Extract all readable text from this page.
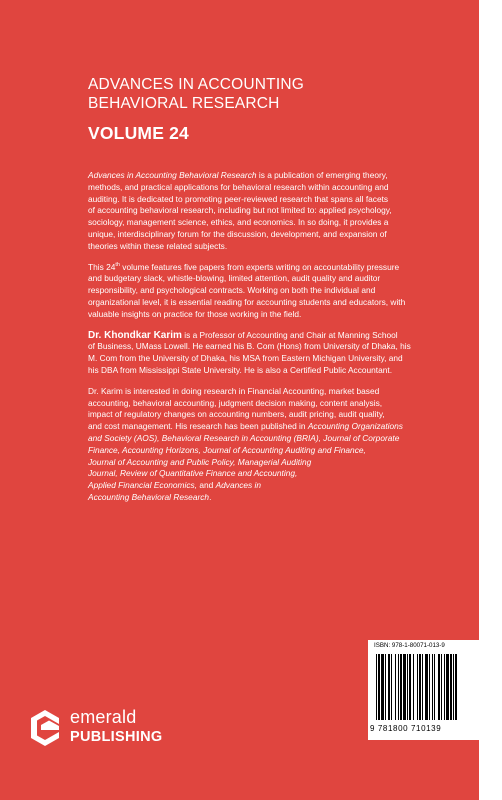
ADVANCES IN ACCOUNTING
BEHAVIORAL RESEARCH
VOLUME 24

Advances in Accounting Behavioral Research is a publication of emerging theory,
methods, and practical applications for behavioral research within accounting and
auditing. It is dedicated to promoting peer-reviewed research that spans all facets
of accounting behavioral research, including but not limited to: applied psychology,
sociology, management science, ethics, and economics. In so doing, it provides a
unique, interdisciplinary forum for the discussion, development, and expansion of
theories within these related subjects.

This 24th volume features five papers from experts writing on accountability pressure
and budgetary slack, whistle-blowing, limited attention, audit quality and auditor
responsibility, and psychological contracts. Working on both the individual and
organizational level, it is essential reading for accounting students and educators, with
valuable insights on practice for those working in the field.

Dr. Khondkar Karim is a Professor of Accounting and Chair at Manning School
of Business, UMass Lowell. He earned his B. Com (Hons) from University of Dhaka, his
M. Com from the University of Dhaka, his MSA from Eastern Michigan University, and
his DBA from Mississippi State University. He is also a Certified Public Accountant.

Dr. Karim is interested in doing research in Financial Accounting, market based
accounting, behavioral accounting, judgment decision making, content analysis,
impact of regulatory changes on accounting numbers, audit pricing, audit quality,
and cost management. His research has been published in Accounting Organizations
and Society (AOS), Behavioral Research in Accounting (BRIA), Journal of Corporate
Finance, Accounting Horizons, Journal of Accounting Auditing and Finance,
Journal of Accounting and Public Policy, Managerial Auditing
Journal, Review of Quantitative Finance and Accounting,
Applied Financial Economics, and Advances in
Accounting Behavioral Research.

ISBN: 978-1-80071-013-9
9 781800 710139
emerald
PUBLISHING
